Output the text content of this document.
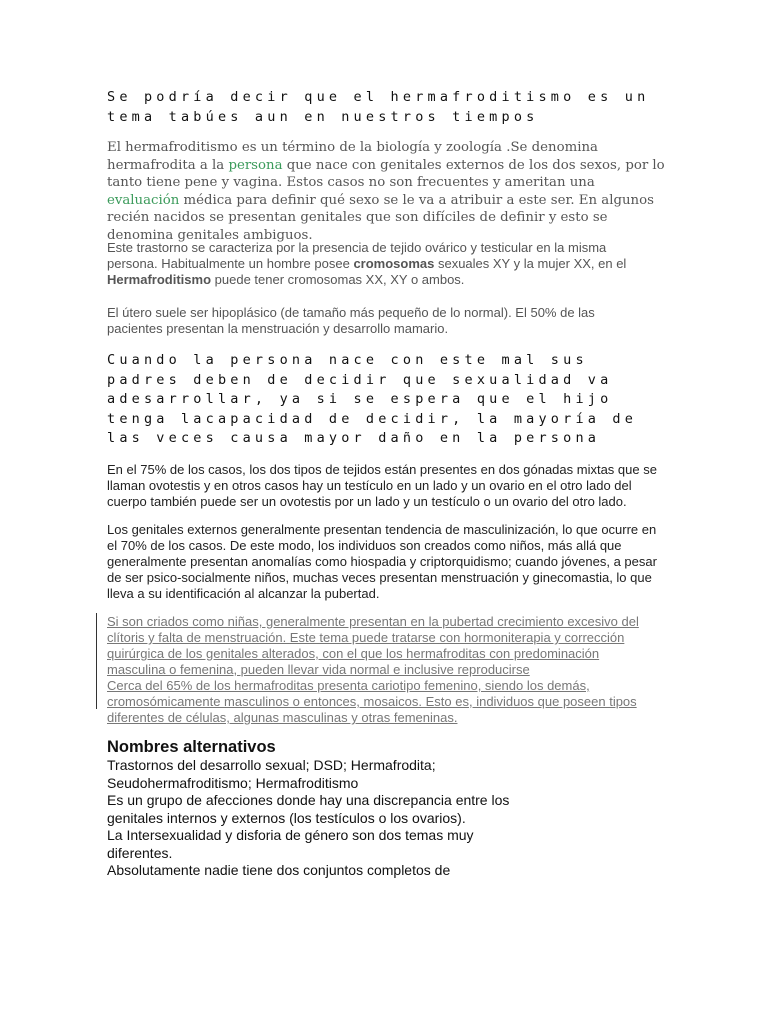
Se podría decir que el hermafroditismo es un tema tabúes aun en nuestros tiempos
El hermafroditismo es un término de la biología y zoología .Se denomina hermafrodita a la persona que nace con genitales externos de los dos sexos, por lo tanto tiene pene y vagina. Estos casos no son frecuentes y ameritan una evaluación médica para definir qué sexo se le va a atribuir a este ser. En algunos recién nacidos se presentan genitales que son difíciles de definir y esto se denomina genitales ambiguos.
Este trastorno se caracteriza por la presencia de tejido ovárico y testicular en la misma persona. Habitualmente un hombre posee cromosomas sexuales XY y la mujer XX, en el Hermafroditismo puede tener cromosomas XX, XY o ambos.
El útero suele ser hipoplásico (de tamaño más pequeño de lo normal). El 50% de las pacientes presentan la menstruación y desarrollo mamario.
Cuando la persona nace con este mal sus padres deben de decidir que sexualidad va adesarrollar, ya si se espera que el hijo tenga lacapacidad de decidir, la mayoría de las veces causa mayor daño en la persona
En el 75% de los casos, los dos tipos de tejidos están presentes en dos gónadas mixtas que se llaman ovotestis y en otros casos hay un testículo en un lado y un ovario en el otro lado del cuerpo también puede ser un ovotestis por un lado y un testículo o un ovario del otro lado.
Los genitales externos generalmente presentan tendencia de masculinización, lo que ocurre en el 70% de los casos. De este modo, los individuos son creados como niños, más allá que generalmente presentan anomalías como hiospadia y criptorquidismo; cuando jóvenes, a pesar de ser psico-socialmente niños, muchas veces presentan menstruación y ginecomastia, lo que lleva a su identificación al alcanzar la pubertad.
Si son criados como niñas, generalmente presentan en la pubertad crecimiento excesivo del clítoris y falta de menstruación. Este tema puede tratarse con hormoniterapia y corrección quirúrgica de los genitales alterados, con el que los hermafroditas con predominación masculina o femenina, pueden llevar vida normal e inclusive reproducirse
Cerca del 65% de los hermafroditas presenta cariotipo femenino, siendo los demás, cromosómicamente masculinos o entonces, mosaicos. Esto es, individuos que poseen tipos diferentes de células, algunas masculinas y otras femeninas.
Nombres alternativos

Trastornos del desarrollo sexual; DSD; Hermafrodita; Seudohermafroditismo; Hermafroditismo

Es un grupo de afecciones donde hay una discrepancia entre los genitales internos y externos (los testículos o los ovarios).

La Intersexualidad y disforia de género son dos temas muy diferentes.

Absolutamente nadie tiene dos conjuntos completos de
